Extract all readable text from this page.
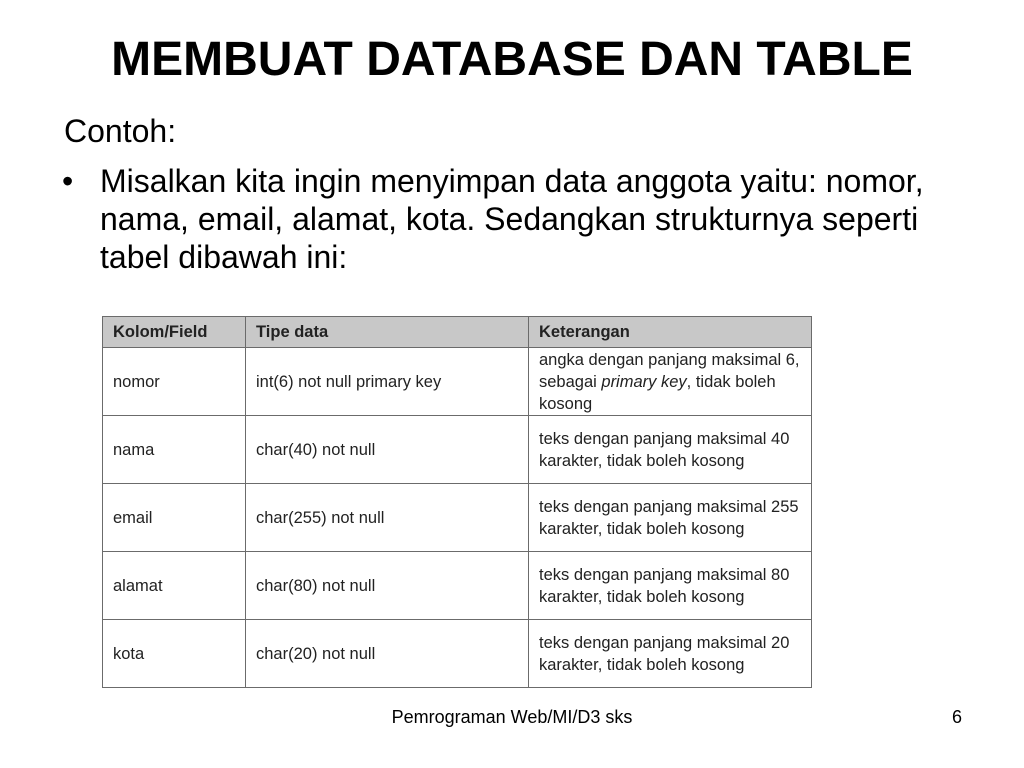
MEMBUAT DATABASE DAN TABLE
Contoh:
• Misalkan kita ingin menyimpan data anggota yaitu: nomor, nama, email, alamat, kota. Sedangkan strukturnya seperti tabel dibawah ini:
Kolom/Field	Tipe data	Keterangan
nomor	int(6) not null primary key	angka dengan panjang maksimal 6, sebagai primary key, tidak boleh kosong
nama	char(40) not null	teks dengan panjang maksimal 40 karakter, tidak boleh kosong
email	char(255) not null	teks dengan panjang maksimal 255 karakter, tidak boleh kosong
alamat	char(80) not null	teks dengan panjang maksimal 80 karakter, tidak boleh kosong
kota	char(20) not null	teks dengan panjang maksimal 20 karakter, tidak boleh kosong
Pemrograman Web/MI/D3 sks	6
